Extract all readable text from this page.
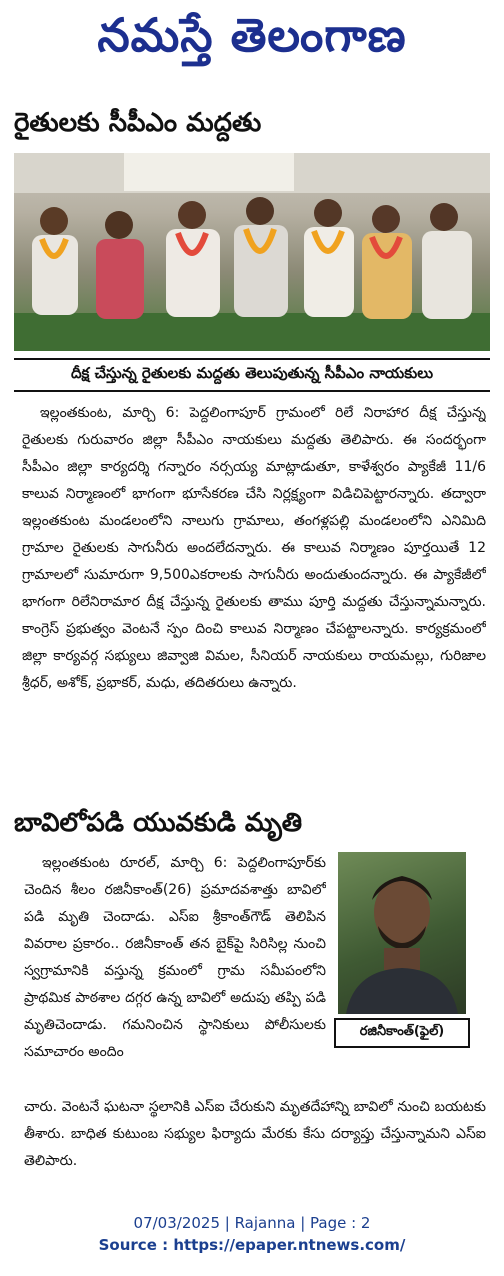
నమస్తే తెలంగాణ
రైతులకు సీపీఎం మద్దతు
దీక్ష చేస్తున్న రైతులకు మద్దతు తెలుపుతున్న సీపీఎం నాయకులు
ఇల్లంతకుంట, మార్చి 6: పెద్దలింగాపూర్ గ్రామంలో రిలే నిరాహార దీక్ష చేస్తున్న రైతులకు గురువారం జిల్లా సీపీఎం నాయకులు మద్దతు తెలిపారు. ఈ సందర్భంగా సీపీఎం జిల్లా కార్యదర్శి గన్నారం నర్సయ్య మాట్లాడుతూ, కాళేశ్వరం ప్యాకేజీ 11/6 కాలువ నిర్మాణంలో భాగంగా భూసేకరణ చేసి నిర్లక్ష్యంగా విడిచిపెట్టారన్నారు. తద్వారా ఇల్లంతకుంట మండలంలోని నాలుగు గ్రామాలు, తంగళ్లపల్లి మండలంలోని ఎనిమిది గ్రామాల రైతులకు సాగునీరు అందలేదన్నారు. ఈ కాలువ నిర్మాణం పూర్తయితే 12 గ్రామాలలో సుమారుగా 9,500ఎకరాలకు సాగునీరు అందుతుందన్నారు. ఈ ప్యాకేజీలో భాగంగా రిలేనిరామార దీక్ష చేస్తున్న రైతులకు తాము పూర్తి మద్దతు చేస్తున్నామన్నారు. కాంగ్రెస్ ప్రభుత్వం వెంటనే స్పం దించి కాలువ నిర్మాణం చేపట్టాలన్నారు. కార్యక్రమంలో జిల్లా కార్యవర్గ సభ్యులు జివ్వాజి విమల, సీనియర్ నాయకులు రాయమల్లు, గురిజాల శ్రీధర్, అశోక్, ప్రభాకర్, మధు, తదితరులు ఉన్నారు.
బావిలోపడి యువకుడి మృతి
ఇల్లంతకుంట రూరల్, మార్చి 6: పెద్దలింగాపూర్‌కు చెందిన శీలం రజినీకాంత్(26) ప్రమాదవశాత్తు బావిలో పడి మృతి చెందాడు. ఎస్ఐ శ్రీకాంత్‌గౌడ్ తెలిపిన వివరాల ప్రకారం.. రజినీకాంత్ తన బైక్‌పై సిరిసిల్ల నుంచి స్వగ్రామానికి వస్తున్న క్రమంలో గ్రామ సమీపంలోని ప్రాథమిక పాఠశాల దగ్గర ఉన్న బావిలో అదుపు తప్పి పడి మృతిచెందాడు. గమనించిన స్థానికులు పోలీసులకు సమాచారం అందిం
రజినీకాంత్(ఫైల్)
చారు. వెంటనే ఘటనా స్థలానికి ఎస్ఐ చేరుకుని మృతదేహాన్ని బావిలో నుంచి బయటకు తీశారు. బాధిత కుటుంబ సభ్యుల ఫిర్యాదు మేరకు కేసు దర్యాప్తు చేస్తున్నామని ఎస్ఐ తెలిపారు.
07/03/2025 | Rajanna | Page : 2
Source : https://epaper.ntnews.com/
